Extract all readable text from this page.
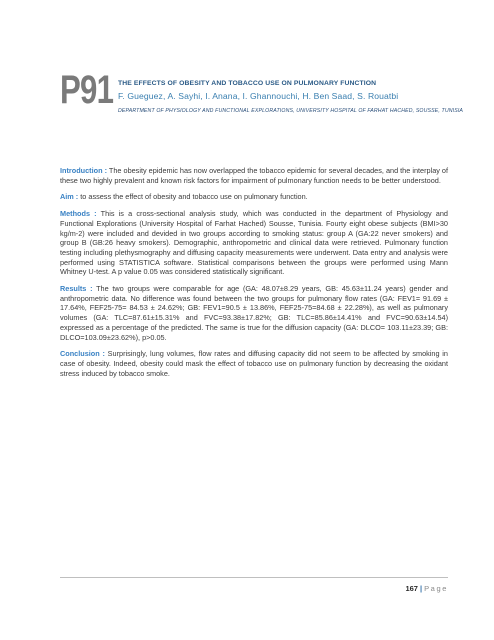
P91 THE EFFECTS OF OBESITY AND TOBACCO USE ON PULMONARY FUNCTION
F. Gueguez, A. Sayhi, I. Anana, I. Ghannouchi, H. Ben Saad, S. Rouatbi
DEPARTMENT OF PHYSIOLOGY AND FUNCTIONAL EXPLORATIONS, UNIVERSITY HOSPITAL OF FARHAT HACHED, SOUSSE, TUNISIA

Introduction : The obesity epidemic has now overlapped the tobacco epidemic for several decades, and the interplay of these two highly prevalent and known risk factors for impairment of pulmonary function needs to be better understood.

Aim : to assess the effect of obesity and tobacco use on pulmonary function.

Methods : This is a cross-sectional analysis study, which was conducted in the department of Physiology and Functional Explorations (University Hospital of Farhat Hached) Sousse, Tunisia. Fourty eight obese subjects (BMI>30 kg/m-2) were included and devided in two groups according to smoking status: group A (GA:22 never smokers) and group B (GB:26 heavy smokers). Demographic, anthropometric and clinical data were retrieved. Pulmonary function testing including plethysmography and diffusing capacity measurements were underwent. Data entry and analysis were performed using STATISTICA software. Statistical comparisons between the groups were performed using Mann Whitney U-test. A p value 0.05 was considered statistically significant.

Results : The two groups were comparable for age (GA: 48.07±8.29 years, GB: 45.63±11.24 years) gender and anthropometric data. No difference was found between the two groups for pulmonary flow rates (GA: FEV1= 91.69 ± 17.64%, FEF25-75= 84.53 ± 24.62%; GB: FEV1=90.5 ± 13.86%, FEF25-75=84.68 ± 22.28%), as well as pulmonary volumes (GA: TLC=87.61±15.31% and FVC=93.38±17.82%; GB: TLC=85.86±14.41% and FVC=90.63±14.54) expressed as a percentage of the predicted. The same is true for the diffusion capacity (GA: DLCO= 103.11±23.39; GB: DLCO=103.09±23.62%), p>0.05.

Conclusion : Surprisingly, lung volumes, flow rates and diffusing capacity did not seem to be affected by smoking in case of obesity. Indeed, obesity could mask the effect of tobacco use on pulmonary function by decreasing the oxidant stress induced by tobacco smoke.

167 | Page
